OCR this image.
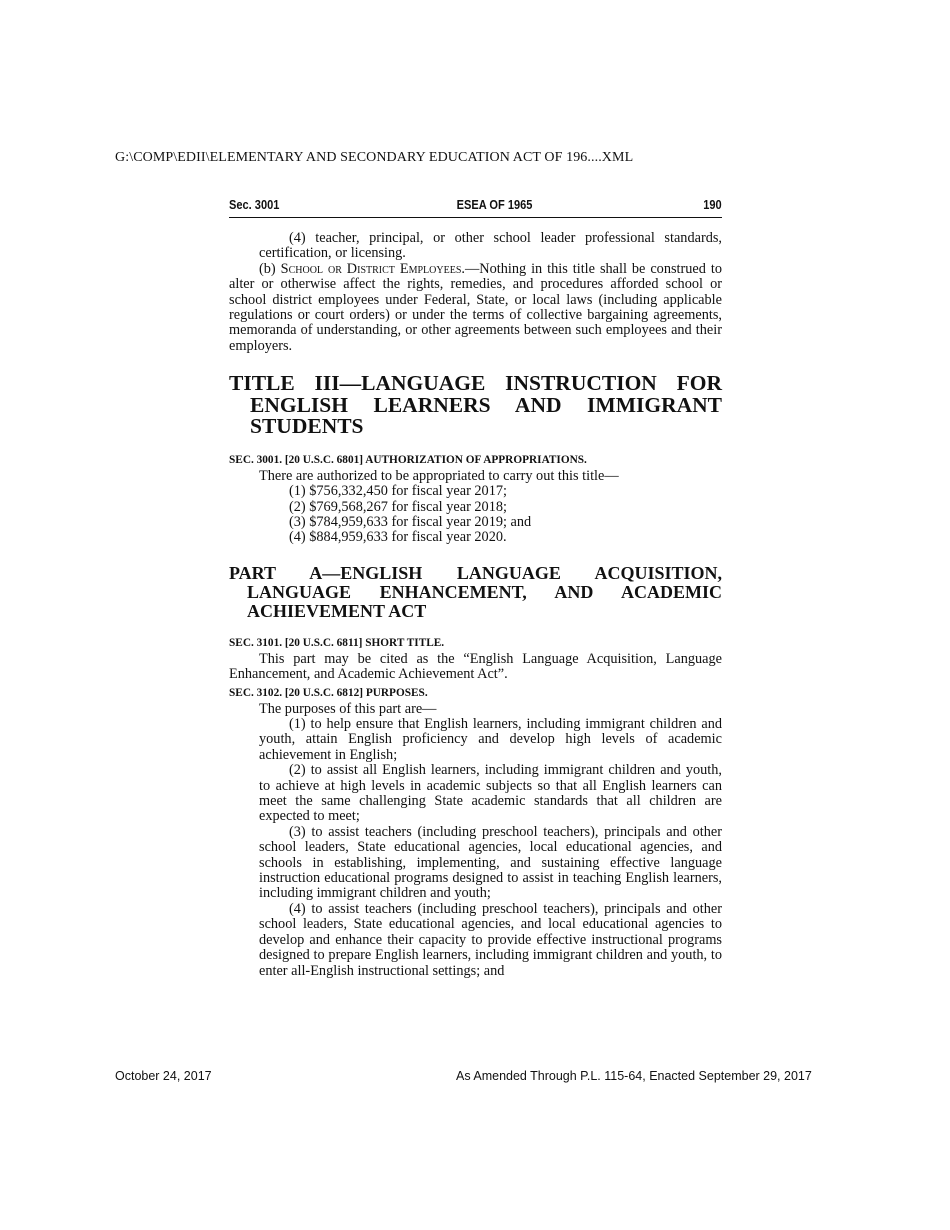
G:\COMP\EDII\ELEMENTARY AND SECONDARY EDUCATION ACT OF 196....XML
Sec. 3001	ESEA OF 1965	190

(4) teacher, principal, or other school leader professional standards, certification, or licensing.

(b) School or District Employees.—Nothing in this title shall be construed to alter or otherwise affect the rights, remedies, and procedures afforded school or school district employees under Federal, State, or local laws (including applicable regulations or court orders) or under the terms of collective bargaining agreements, memoranda of understanding, or other agreements between such employees and their employers.

TITLE III—LANGUAGE INSTRUCTION FOR ENGLISH LEARNERS AND IMMIGRANT STUDENTS
SEC. 3001. [20 U.S.C. 6801] AUTHORIZATION OF APPROPRIATIONS.

There are authorized to be appropriated to carry out this title—

(1) $756,332,450 for fiscal year 2017;

(2) $769,568,267 for fiscal year 2018;

(3) $784,959,633 for fiscal year 2019; and

(4) $884,959,633 for fiscal year 2020.

PART A—ENGLISH LANGUAGE ACQUISITION, LANGUAGE ENHANCEMENT, AND ACADEMIC ACHIEVEMENT ACT
SEC. 3101. [20 U.S.C. 6811] SHORT TITLE.

This part may be cited as the “English Language Acquisition, Language Enhancement, and Academic Achievement Act”.

SEC. 3102. [20 U.S.C. 6812] PURPOSES.

The purposes of this part are—

(1) to help ensure that English learners, including immigrant children and youth, attain English proficiency and develop high levels of academic achievement in English;

(2) to assist all English learners, including immigrant children and youth, to achieve at high levels in academic subjects so that all English learners can meet the same challenging State academic standards that all children are expected to meet;

(3) to assist teachers (including preschool teachers), principals and other school leaders, State educational agencies, local educational agencies, and schools in establishing, implementing, and sustaining effective language instruction educational programs designed to assist in teaching English learners, including immigrant children and youth;

(4) to assist teachers (including preschool teachers), principals and other school leaders, State educational agencies, and local educational agencies to develop and enhance their capacity to provide effective instructional programs designed to prepare English learners, including immigrant children and youth, to enter all-English instructional settings; and

October 24, 2017	As Amended Through P.L. 115-64, Enacted September 29, 2017
